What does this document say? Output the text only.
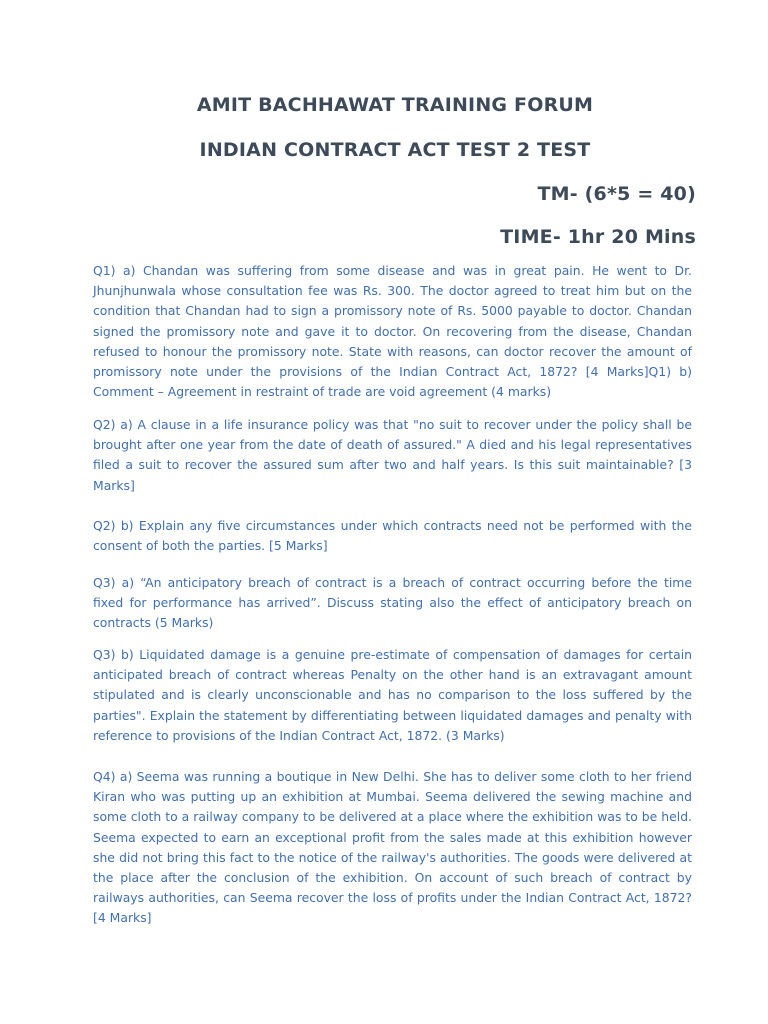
AMIT BACHHAWAT TRAINING FORUM
INDIAN CONTRACT ACT TEST 2 TEST
TM- (6*5 = 40)
TIME- 1hr 20 Mins

Q1) a) Chandan was suffering from some disease and was in great pain. He went to Dr. Jhunjhunwala whose consultation fee was Rs. 300. The doctor agreed to treat him but on the condition that Chandan had to sign a promissory note of Rs. 5000 payable to doctor. Chandan signed the promissory note and gave it to doctor. On recovering from the disease, Chandan refused to honour the promissory note. State with reasons, can doctor recover the amount of promissory note under the provisions of the Indian Contract Act, 1872? [4 Marks]Q1) b) Comment – Agreement in restraint of trade are void agreement (4 marks)

Q2) a) A clause in a life insurance policy was that "no suit to recover under the policy shall be brought after one year from the date of death of assured." A died and his legal representatives filed a suit to recover the assured sum after two and half years. Is this suit maintainable? [3 Marks]

Q2) b) Explain any five circumstances under which contracts need not be performed with the consent of both the parties. [5 Marks]

Q3) a) “An anticipatory breach of contract is a breach of contract occurring before the time fixed for performance has arrived”. Discuss stating also the effect of anticipatory breach on contracts (5 Marks)

Q3) b) Liquidated damage is a genuine pre-estimate of compensation of damages for certain anticipated breach of contract whereas Penalty on the other hand is an extravagant amount stipulated and is clearly unconscionable and has no comparison to the loss suffered by the parties". Explain the statement by differentiating between liquidated damages and penalty with reference to provisions of the Indian Contract Act, 1872. (3 Marks)

Q4) a) Seema was running a boutique in New Delhi. She has to deliver some cloth to her friend Kiran who was putting up an exhibition at Mumbai. Seema delivered the sewing machine and some cloth to a railway company to be delivered at a place where the exhibition was to be held. Seema expected to earn an exceptional profit from the sales made at this exhibition however she did not bring this fact to the notice of the railway's authorities. The goods were delivered at the place after the conclusion of the exhibition. On account of such breach of contract by railways authorities, can Seema recover the loss of profits under the Indian Contract Act, 1872? [4 Marks]
